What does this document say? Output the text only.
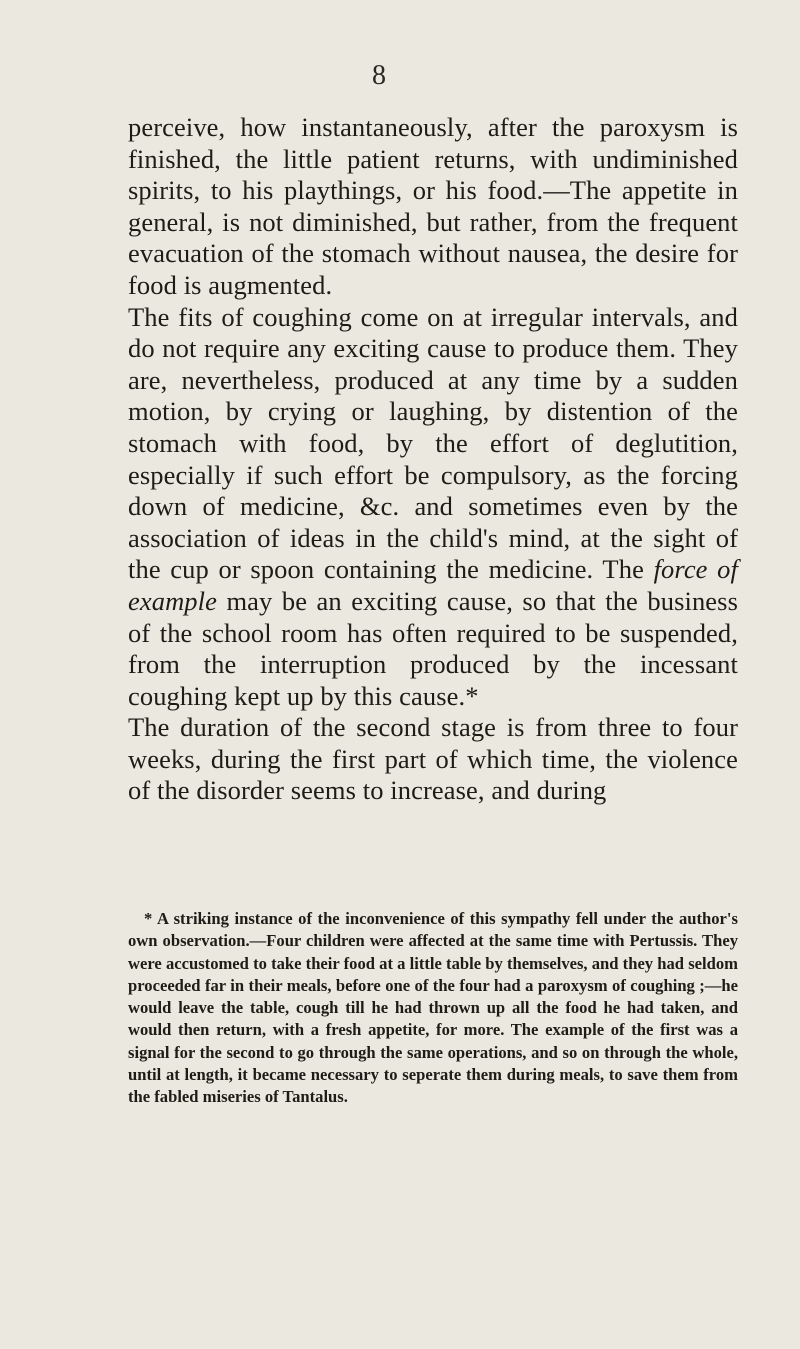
8

perceive, how instantaneously, after the paroxysm is finished, the little patient returns, with undiminished spirits, to his playthings, or his food.—The appetite in general, is not diminished, but rather, from the frequent evacuation of the stomach without nausea, the desire for food is augmented.

The fits of coughing come on at irregular intervals, and do not require any exciting cause to produce them. They are, nevertheless, produced at any time by a sudden motion, by crying or laughing, by distention of the stomach with food, by the effort of deglutition, especially if such effort be compulsory, as the forcing down of medicine, &c. and sometimes even by the association of ideas in the child's mind, at the sight of the cup or spoon containing the medicine. The force of example may be an exciting cause, so that the business of the school room has often required to be suspended, from the interruption produced by the incessant coughing kept up by this cause.*

The duration of the second stage is from three to four weeks, during the first part of which time, the violence of the disorder seems to increase, and during

* A striking instance of the inconvenience of this sympathy fell under the author's own observation.—Four children were affected at the same time with Pertussis. They were accustomed to take their food at a little table by themselves, and they had seldom proceeded far in their meals, before one of the four had a paroxysm of coughing ;—he would leave the table, cough till he had thrown up all the food he had taken, and would then return, with a fresh appetite, for more. The example of the first was a signal for the second to go through the same operations, and so on through the whole, until at length, it became necessary to seperate them during meals, to save them from the fabled miseries of Tantalus.
